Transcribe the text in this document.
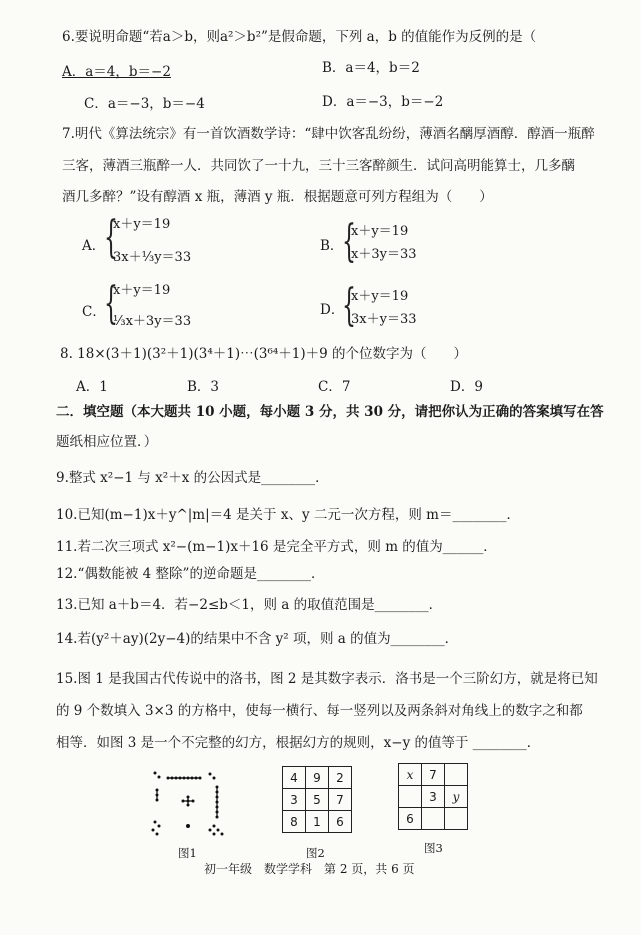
6.要说明命题“若a＞b，则a²＞b²”是假命题，下列 a，b 的值能作为反例的是（
A．a＝4，b＝−2	B．a＝4，b＝2
C．a＝−3，b＝−4	D．a＝−3，b＝−2
7.明代《算法统宗》有一首饮酒数学诗：“肆中饮客乱纷纷，薄酒名醨厚酒醇．醇酒一瓶醉
三客，薄酒三瓶醉一人．共同饮了一十九，三十三客醉颜生．试问高明能算士，几多醨
酒几多醉？”设有醇酒 x 瓶，薄酒 y 瓶．根据题意可列方程组为（　　）
A．
{
x＋y＝19
3x＋⅓y＝33
B．
{
x＋y＝19
x＋3y＝33
C．
{
x＋y＝19
⅓x＋3y＝33
D．
{
x＋y＝19
3x＋y＝33
8. 18×(3＋1)(3²＋1)(3⁴＋1)⋯(3⁶⁴＋1)＋9 的个位数字为（　　）
A．1	B．3	C．7	D．9
二．填空题（本大题共 10 小题，每小题 3 分，共 30 分，请把你认为正确的答案填写在答
题纸相应位置．）
9.整式 x²−1 与 x²＋x 的公因式是________．
10.已知(m−1)x＋y^|m|＝4 是关于 x、y 二元一次方程，则 m＝________．
11.若二次三项式 x²−(m−1)x＋16 是完全平方式，则 m 的值为______．
12.“偶数能被 4 整除”的逆命题是________．
13.已知 a＋b＝4．若−2≤b＜1，则 a 的取值范围是________．
14.若(y²＋ay)(2y−4)的结果中不含 y² 项，则 a 的值为________．
15.图 1 是我国古代传说中的洛书，图 2 是其数字表示．洛书是一个三阶幻方，就是将已知
的 9 个数填入 3×3 的方格中，使每一横行、每一竖列以及两条斜对角线上的数字之和都
相等．如图 3 是一个不完整的幻方，根据幻方的规则，x−y 的值等于 ________．
图1
4	9	2
3	5	7
8	1	6
图2
x	7	
	3	y
6		
图3
初一年级　数学学科　第 2 页，共 6 页
